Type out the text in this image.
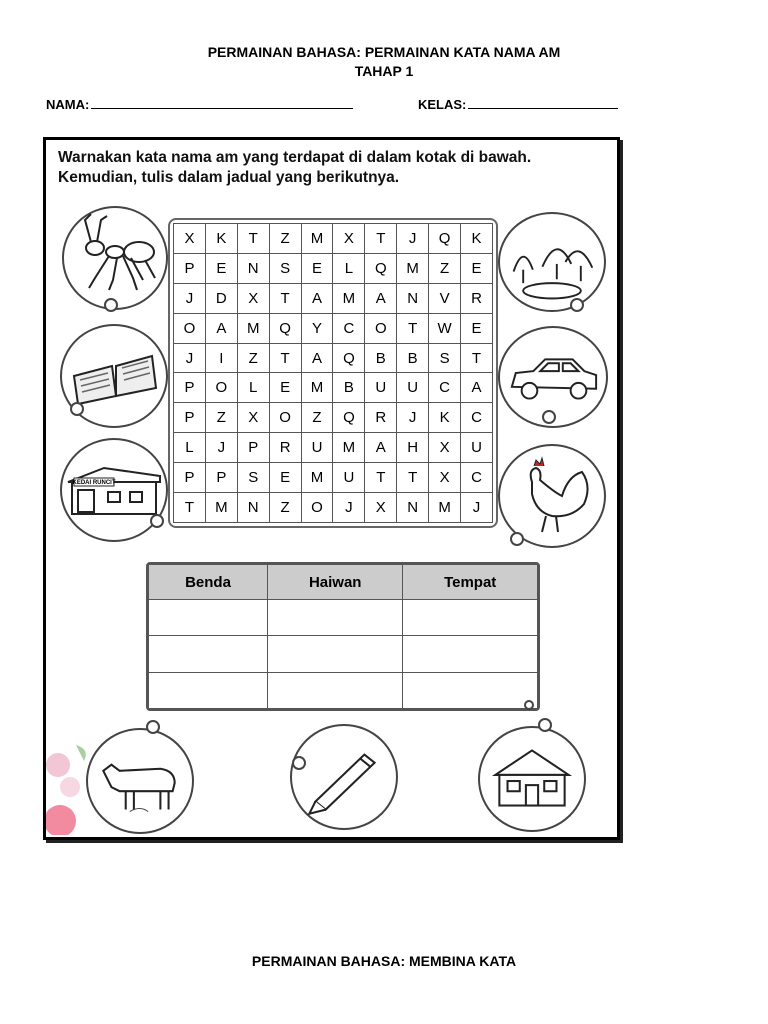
PERMAINAN BAHASA: PERMAINAN KATA NAMA AM
TAHAP 1
NAMA:	KELAS:
Warnakan kata nama am yang terdapat di dalam kotak di bawah.
Kemudian, tulis dalam jadual yang berikutnya.
KEDAI RUNCIT
X	K	T	Z	M	X	T	J	Q	K
P	E	N	S	E	L	Q	M	Z	E
J	D	X	T	A	M	A	N	V	R
O	A	M	Q	Y	C	O	T	W	E
J	I	Z	T	A	Q	B	B	S	T
P	O	L	E	M	B	U	U	C	A
P	Z	X	O	Z	Q	R	J	K	C
L	J	P	R	U	M	A	H	X	U
P	P	S	E	M	U	T	T	X	C
T	M	N	Z	O	J	X	N	M	J
Benda	Haiwan	Tempat

PERMAINAN BAHASA: MEMBINA KATA
